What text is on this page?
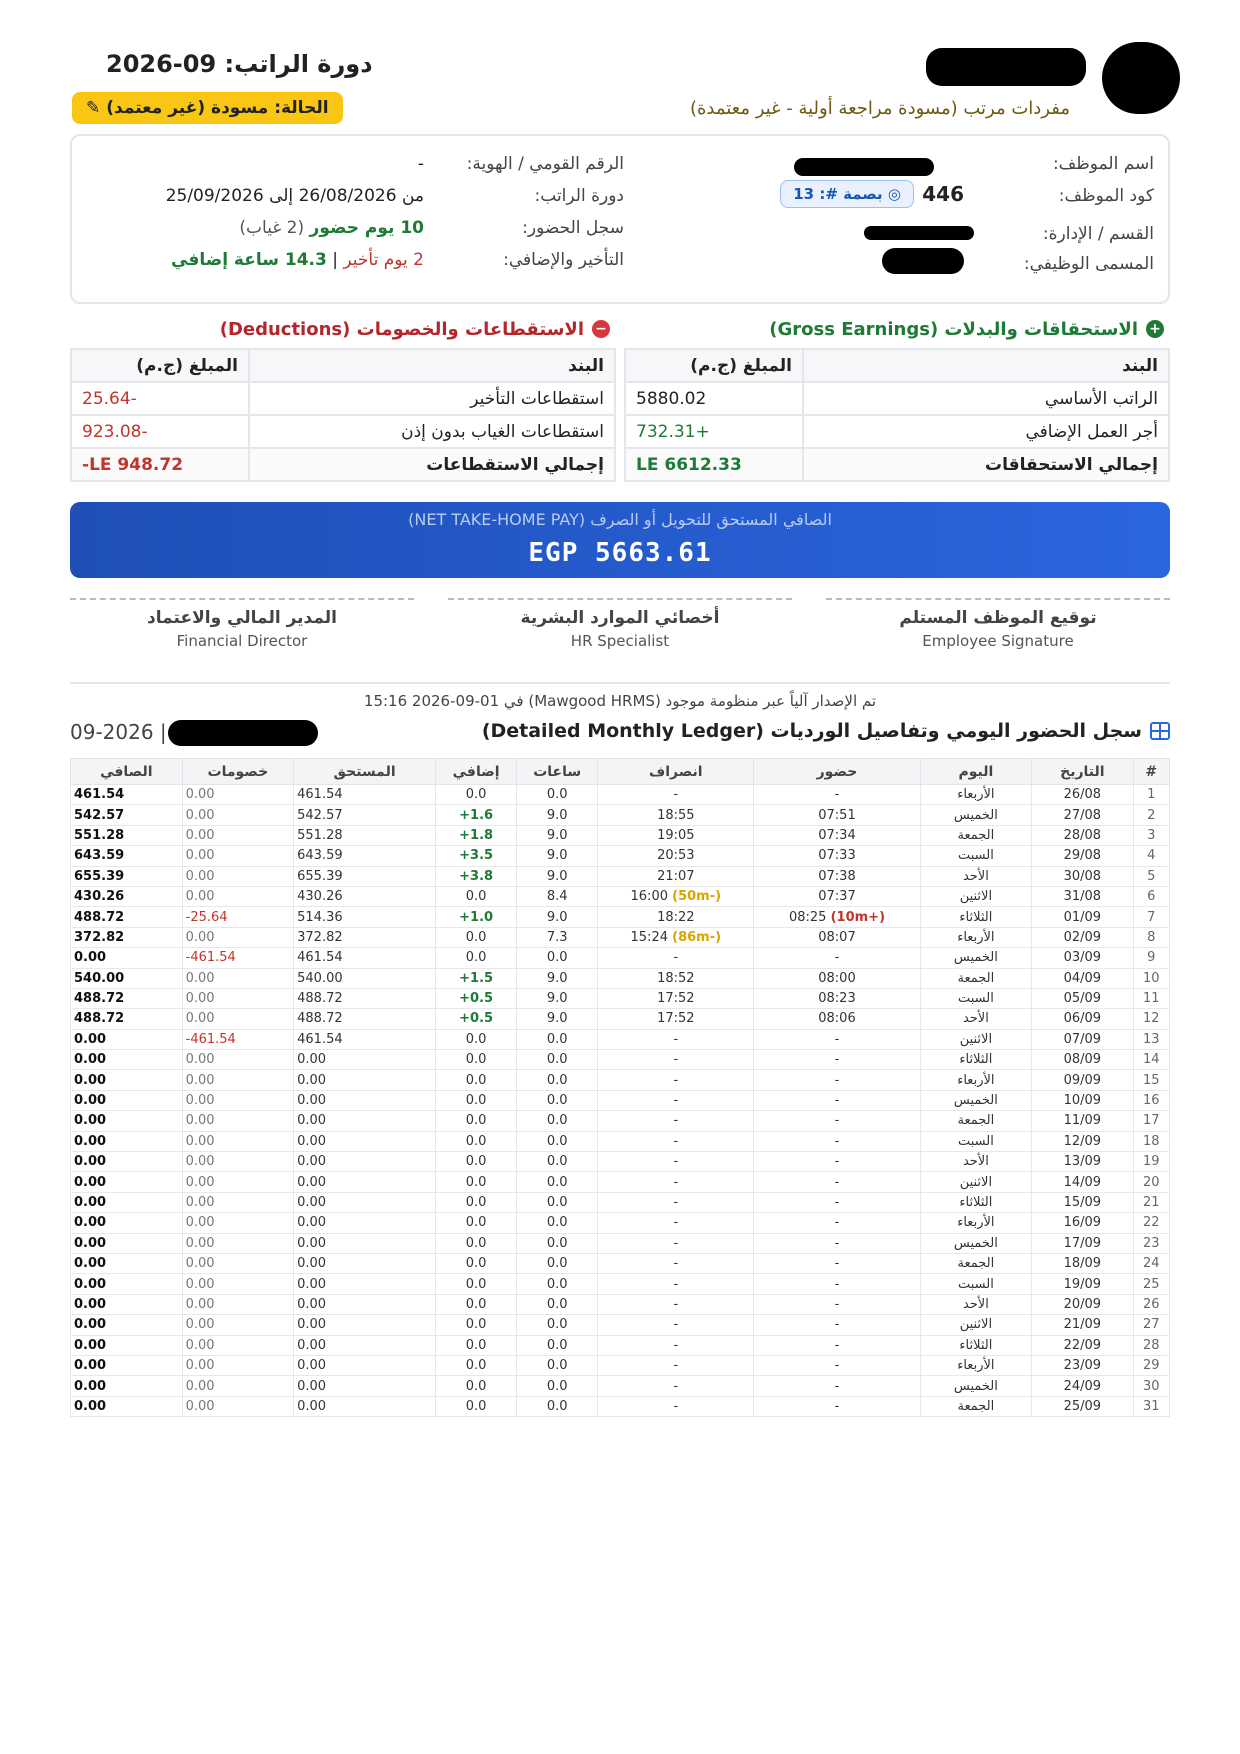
دورة الراتب: 09-2026
الحالة: مسودة (غير معتمد)
✎	مفردات مرتب (مسودة مراجعة أولية - غير معتمدة)
اسم الموظف:
كود الموظف:
446
◎ بصمة #: 13
القسم / الإدارة:
المسمى الوظيفي:
الرقم القومي / الهوية:
-
دورة الراتب:
من 26/08/2026 إلى 25/09/2026
سجل الحضور:
10 يوم حضور (2 غياب)
التأخير والإضافي:
2 يوم تأخير | 14.3 ساعة إضافي
+
الاستحقاقات والبدلات (Gross Earnings)
البند	المبلغ (ج.م)
الراتب الأساسي	5880.02
أجر العمل الإضافي	+732.31
إجمالي الاستحقاقات	LE 6612.33
−
الاستقطاعات والخصومات (Deductions)
البند	المبلغ (ج.م)
استقطاعات التأخير	-25.64
استقطاعات الغياب بدون إذن	-923.08
إجمالي الاستقطاعات	LE 948.72-
الصافي المستحق للتحويل أو الصرف (NET TAKE-HOME PAY)
EGP 5663.61
توقيع الموظف المستلم
Employee Signature
أخصائي الموارد البشرية
HR Specialist
المدير المالي والاعتماد
Financial Director
تم الإصدار آلياً عبر منظومة موجود (Mawgood HRMS) في 01-09-2026 15:16
سجل الحضور اليومي وتفاصيل الورديات (Detailed Monthly Ledger)
09-2026 |
#	التاريخ	اليوم	حضور	انصراف	ساعات	إضافي	المستحق	خصومات	الصافي
1	26/08	الأربعاء	-	-	0.0	0.0	461.54	0.00	461.54
2	27/08	الخميس	07:51	18:55	9.0	1.6+	542.57	0.00	542.57
3	28/08	الجمعة	07:34	19:05	9.0	1.8+	551.28	0.00	551.28
4	29/08	السبت	07:33	20:53	9.0	3.5+	643.59	0.00	643.59
5	30/08	الأحد	07:38	21:07	9.0	3.8+	655.39	0.00	655.39
6	31/08	الاثنين	07:37	(-50m) 16:00	8.4	0.0	430.26	0.00	430.26
7	01/09	الثلاثاء	(+10m) 08:25	18:22	9.0	1.0+	514.36	25.64-	488.72
8	02/09	الأربعاء	08:07	(-86m) 15:24	7.3	0.0	372.82	0.00	372.82
9	03/09	الخميس	-	-	0.0	0.0	461.54	461.54-	0.00
10	04/09	الجمعة	08:00	18:52	9.0	1.5+	540.00	0.00	540.00
11	05/09	السبت	08:23	17:52	9.0	0.5+	488.72	0.00	488.72
12	06/09	الأحد	08:06	17:52	9.0	0.5+	488.72	0.00	488.72
13	07/09	الاثنين	-	-	0.0	0.0	461.54	461.54-	0.00
14	08/09	الثلاثاء	-	-	0.0	0.0	0.00	0.00	0.00
15	09/09	الأربعاء	-	-	0.0	0.0	0.00	0.00	0.00
16	10/09	الخميس	-	-	0.0	0.0	0.00	0.00	0.00
17	11/09	الجمعة	-	-	0.0	0.0	0.00	0.00	0.00
18	12/09	السبت	-	-	0.0	0.0	0.00	0.00	0.00
19	13/09	الأحد	-	-	0.0	0.0	0.00	0.00	0.00
20	14/09	الاثنين	-	-	0.0	0.0	0.00	0.00	0.00
21	15/09	الثلاثاء	-	-	0.0	0.0	0.00	0.00	0.00
22	16/09	الأربعاء	-	-	0.0	0.0	0.00	0.00	0.00
23	17/09	الخميس	-	-	0.0	0.0	0.00	0.00	0.00
24	18/09	الجمعة	-	-	0.0	0.0	0.00	0.00	0.00
25	19/09	السبت	-	-	0.0	0.0	0.00	0.00	0.00
26	20/09	الأحد	-	-	0.0	0.0	0.00	0.00	0.00
27	21/09	الاثنين	-	-	0.0	0.0	0.00	0.00	0.00
28	22/09	الثلاثاء	-	-	0.0	0.0	0.00	0.00	0.00
29	23/09	الأربعاء	-	-	0.0	0.0	0.00	0.00	0.00
30	24/09	الخميس	-	-	0.0	0.0	0.00	0.00	0.00
31	25/09	الجمعة	-	-	0.0	0.0	0.00	0.00	0.00
